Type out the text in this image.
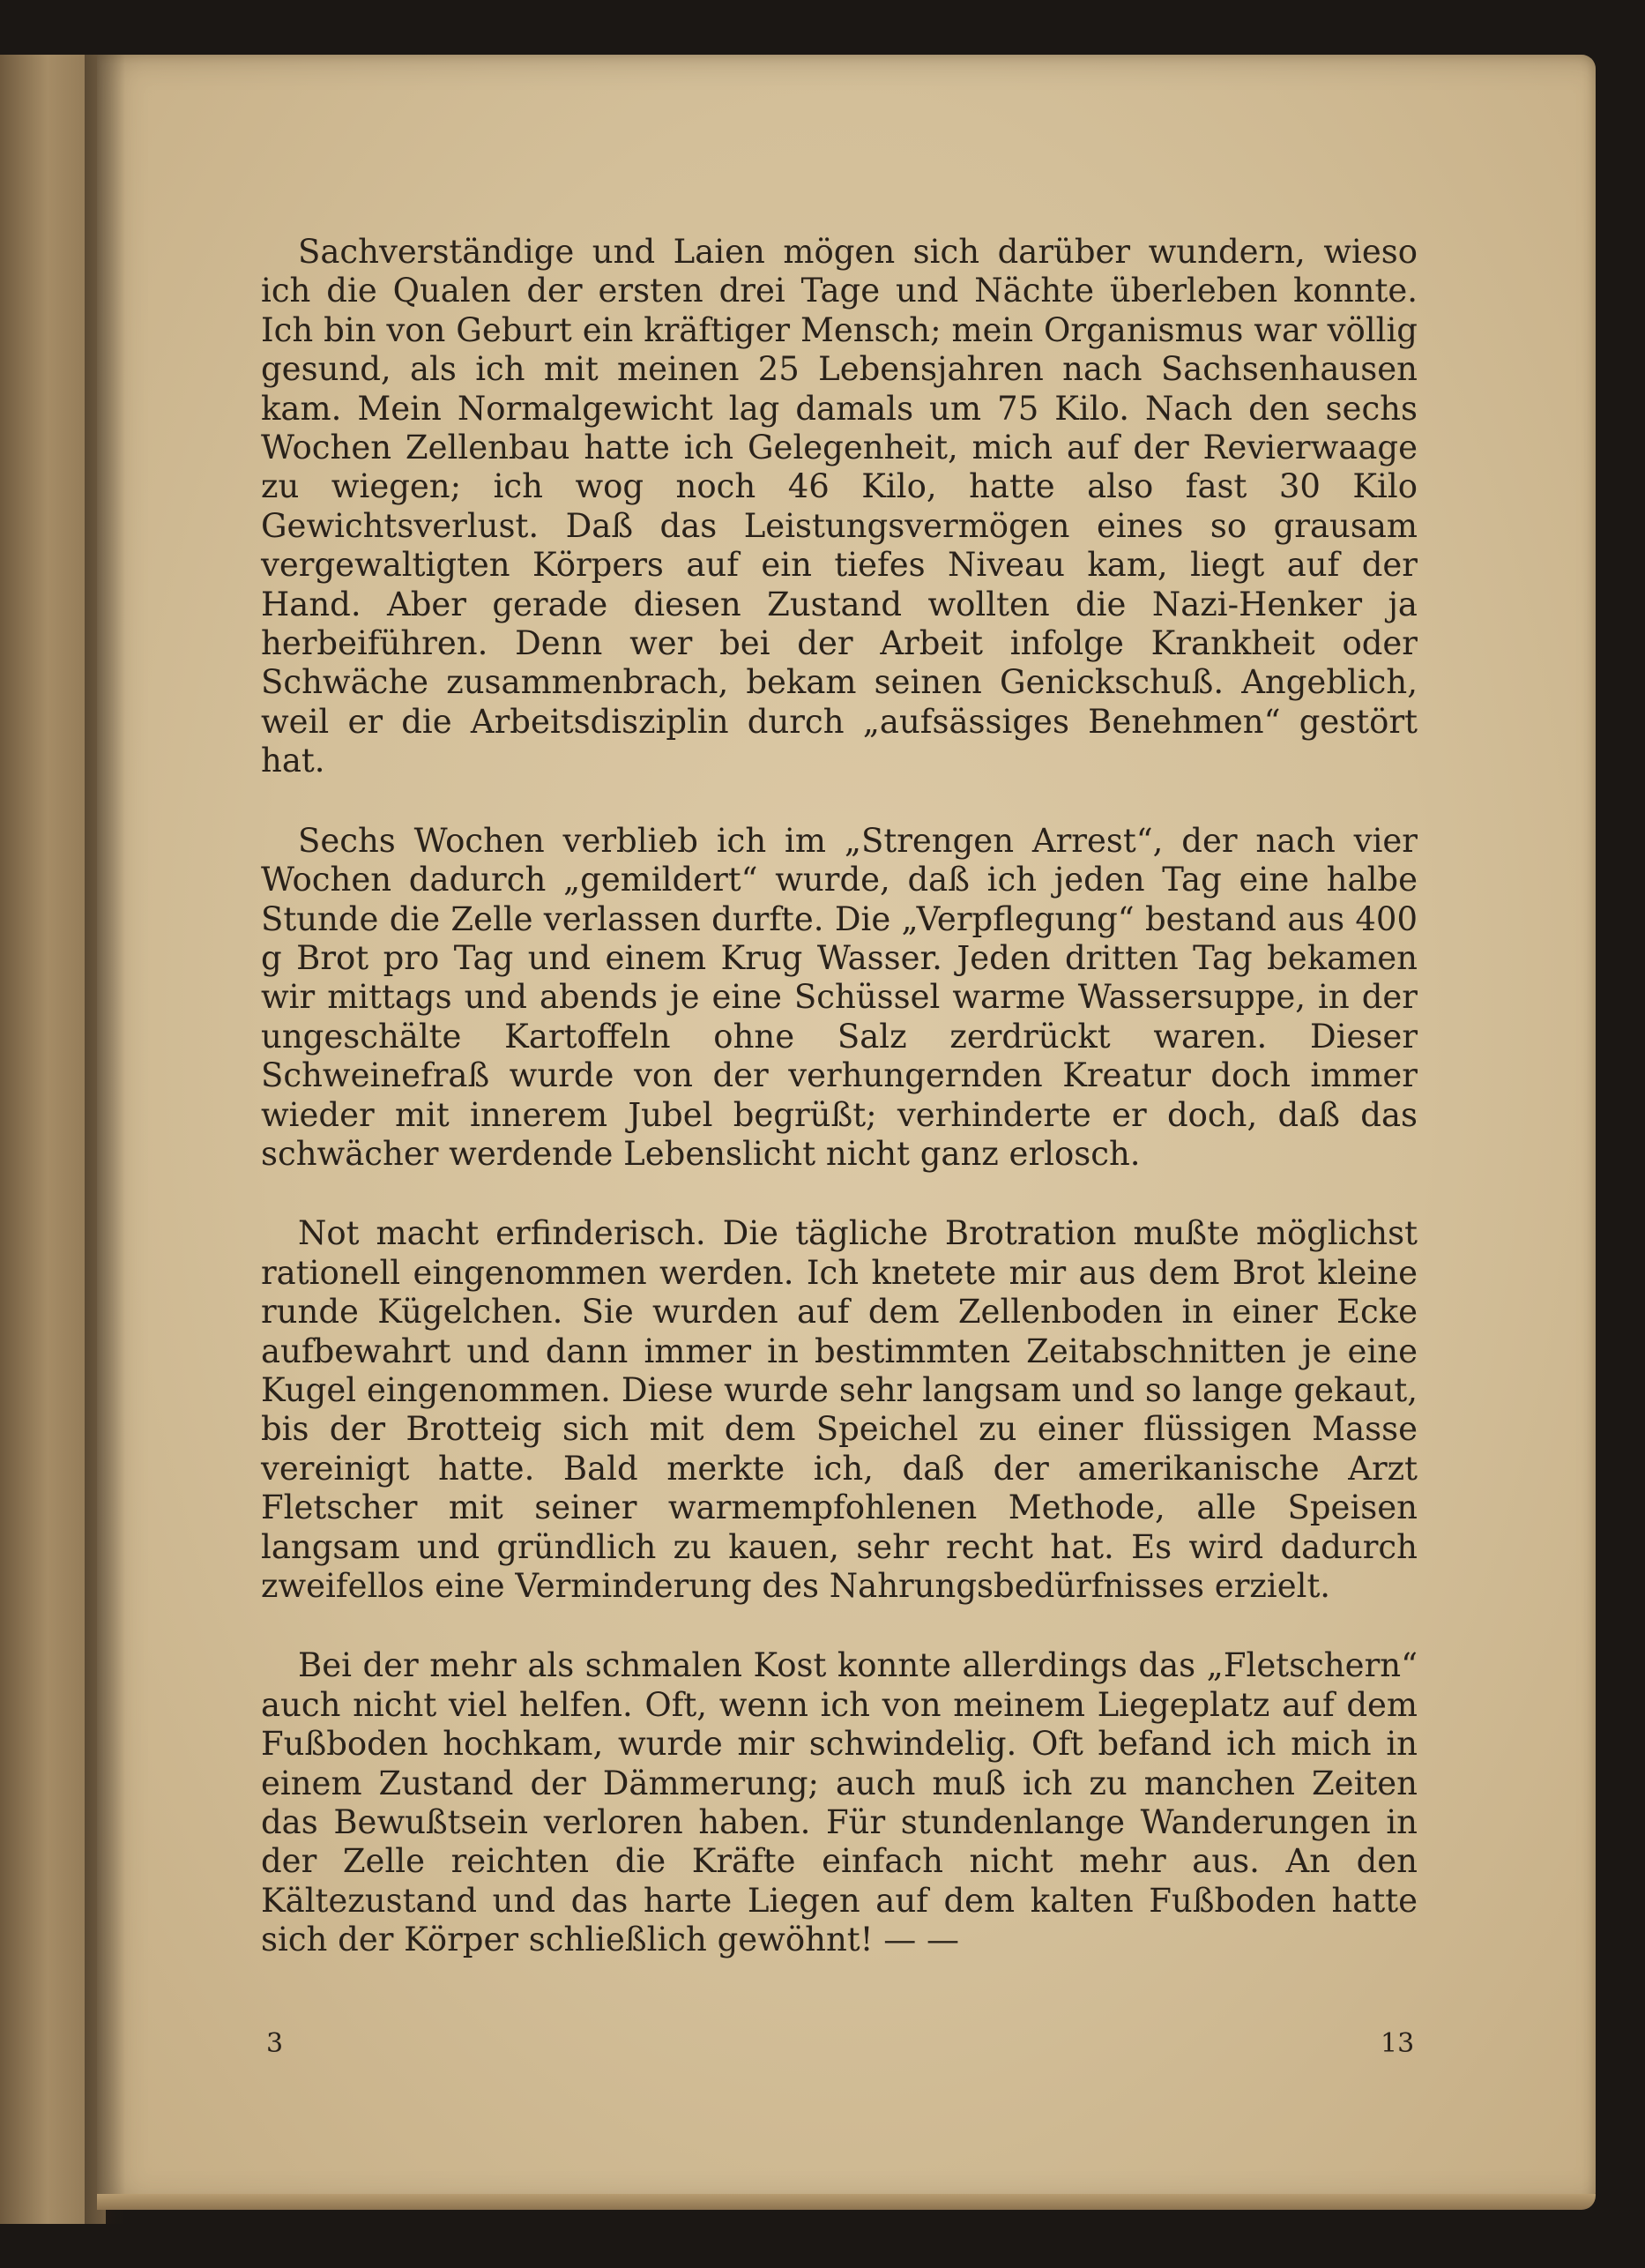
Sachverständige und Laien mögen sich darüber wundern, wieso ich die Qualen der ersten drei Tage und Nächte überleben konnte. Ich bin von Geburt ein kräftiger Mensch; mein Organismus war völlig gesund, als ich mit meinen 25 Lebensjahren nach Sachsenhausen kam. Mein Normalgewicht lag damals um 75 Kilo. Nach den sechs Wochen Zellenbau hatte ich Gelegenheit, mich auf der Revierwaage zu wiegen; ich wog noch 46 Kilo, hatte also fast 30 Kilo Gewichtsverlust. Daß das Leistungsvermögen eines so grausam vergewaltigten Körpers auf ein tiefes Niveau kam, liegt auf der Hand. Aber gerade diesen Zustand wollten die Nazi-Henker ja herbeiführen. Denn wer bei der Arbeit infolge Krankheit oder Schwäche zusammenbrach, bekam seinen Genickschuß. Angeblich, weil er die Arbeitsdisziplin durch „aufsässiges Benehmen“ gestört hat.

Sechs Wochen verblieb ich im „Strengen Arrest“, der nach vier Wochen dadurch „gemildert“ wurde, daß ich jeden Tag eine halbe Stunde die Zelle verlassen durfte. Die „Verpflegung“ bestand aus 400 g Brot pro Tag und einem Krug Wasser. Jeden dritten Tag bekamen wir mittags und abends je eine Schüssel warme Wassersuppe, in der ungeschälte Kartoffeln ohne Salz zerdrückt waren. Dieser Schweinefraß wurde von der verhungernden Kreatur doch immer wieder mit innerem Jubel begrüßt; verhinderte er doch, daß das schwächer werdende Lebenslicht nicht ganz erlosch.

Not macht erfinderisch. Die tägliche Brotration mußte möglichst rationell eingenommen werden. Ich knetete mir aus dem Brot kleine runde Kügelchen. Sie wurden auf dem Zellenboden in einer Ecke aufbewahrt und dann immer in bestimmten Zeitabschnitten je eine Kugel eingenommen. Diese wurde sehr langsam und so lange gekaut, bis der Brotteig sich mit dem Speichel zu einer flüssigen Masse vereinigt hatte. Bald merkte ich, daß der amerikanische Arzt Fletscher mit seiner warmempfohlenen Methode, alle Speisen langsam und gründlich zu kauen, sehr recht hat. Es wird dadurch zweifellos eine Verminderung des Nahrungsbedürfnisses erzielt.

Bei der mehr als schmalen Kost konnte allerdings das „Fletschern“ auch nicht viel helfen. Oft, wenn ich von meinem Liegeplatz auf dem Fußboden hochkam, wurde mir schwindelig. Oft befand ich mich in einem Zustand der Dämmerung; auch muß ich zu manchen Zeiten das Bewußtsein verloren haben. Für stundenlange Wanderungen in der Zelle reichten die Kräfte einfach nicht mehr aus. An den Kältezustand und das harte Liegen auf dem kalten Fußboden hatte sich der Körper schließlich gewöhnt! — —

3	13
